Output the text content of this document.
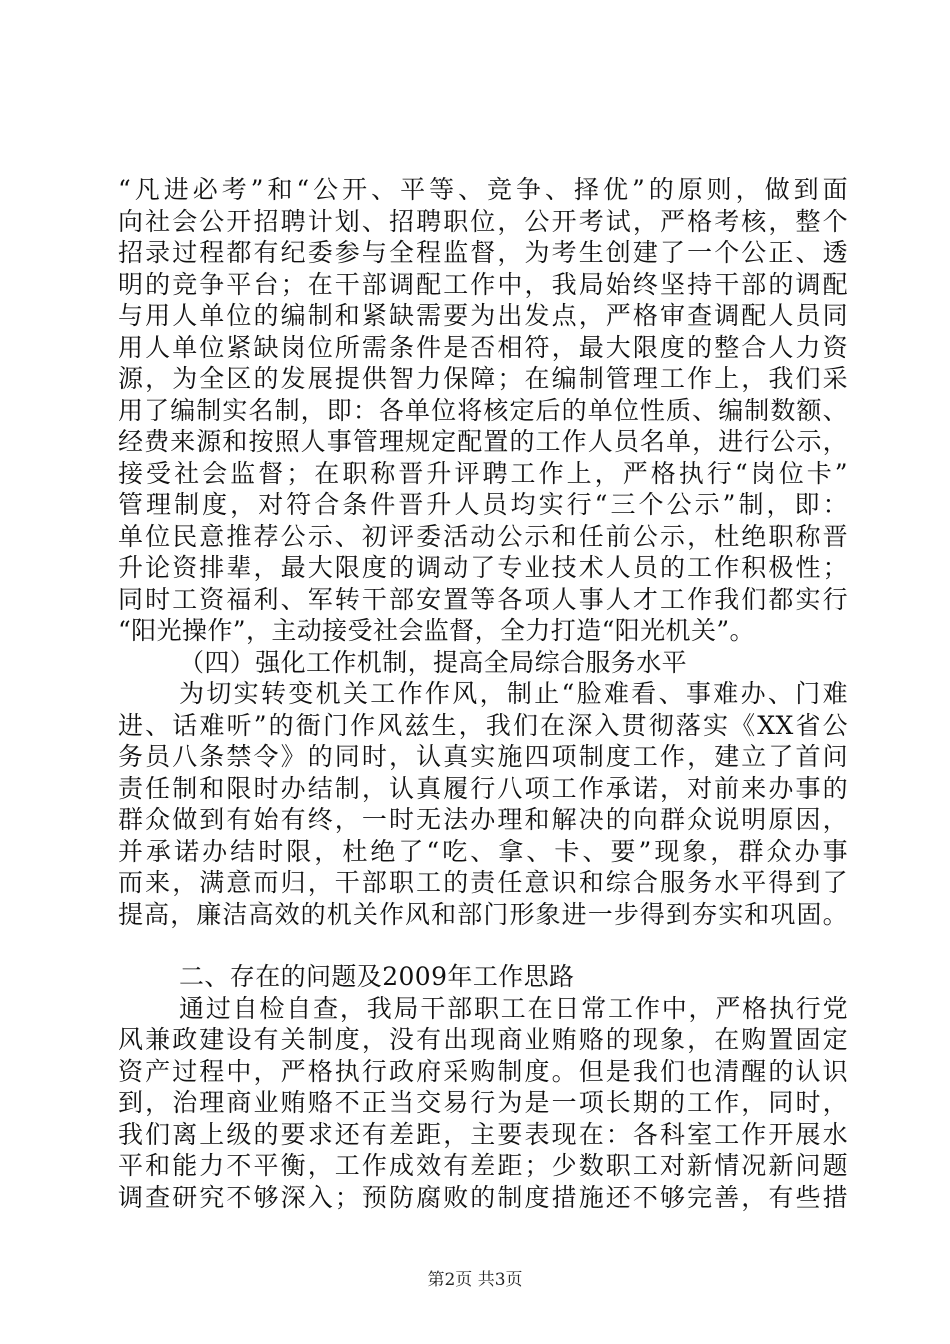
“凡进必考”和“公开、平等、竞争、择优”的原则，做到面
向社会公开招聘计划、招聘职位，公开考试，严格考核，整个
招录过程都有纪委参与全程监督，为考生创建了一个公正、透
明的竞争平台；在干部调配工作中，我局始终坚持干部的调配
与用人单位的编制和紧缺需要为出发点，严格审查调配人员同
用人单位紧缺岗位所需条件是否相符，最大限度的整合人力资
源，为全区的发展提供智力保障；在编制管理工作上，我们采
用了编制实名制，即：各单位将核定后的单位性质、编制数额、
经费来源和按照人事管理规定配置的工作人员名单，进行公示，
接受社会监督；在职称晋升评聘工作上，严格执行“岗位卡”
管理制度，对符合条件晋升人员均实行“三个公示”制，即：
单位民意推荐公示、初评委活动公示和任前公示，杜绝职称晋
升论资排辈，最大限度的调动了专业技术人员的工作积极性；
同时工资福利、军转干部安置等各项人事人才工作我们都实行
“阳光操作”，主动接受社会监督，全力打造“阳光机关”。
（四）强化工作机制，提高全局综合服务水平
为切实转变机关工作作风，制止“脸难看、事难办、门难
进、话难听”的衙门作风兹生，我们在深入贯彻落实《XX省公
务员八条禁令》的同时，认真实施四项制度工作，建立了首问
责任制和限时办结制，认真履行八项工作承诺，对前来办事的
群众做到有始有终，一时无法办理和解决的向群众说明原因，
并承诺办结时限，杜绝了“吃、拿、卡、要”现象，群众办事
而来，满意而归，干部职工的责任意识和综合服务水平得到了
提高，廉洁高效的机关作风和部门形象进一步得到夯实和巩固。
二、存在的问题及2009年工作思路
通过自检自查，我局干部职工在日常工作中，严格执行党
风兼政建设有关制度，没有出现商业贿赂的现象，在购置固定
资产过程中，严格执行政府采购制度。但是我们也清醒的认识
到，治理商业贿赂不正当交易行为是一项长期的工作，同时，
我们离上级的要求还有差距，主要表现在：各科室工作开展水
平和能力不平衡，工作成效有差距；少数职工对新情况新问题
调查研究不够深入；预防腐败的制度措施还不够完善，有些措
第2页 共3页
